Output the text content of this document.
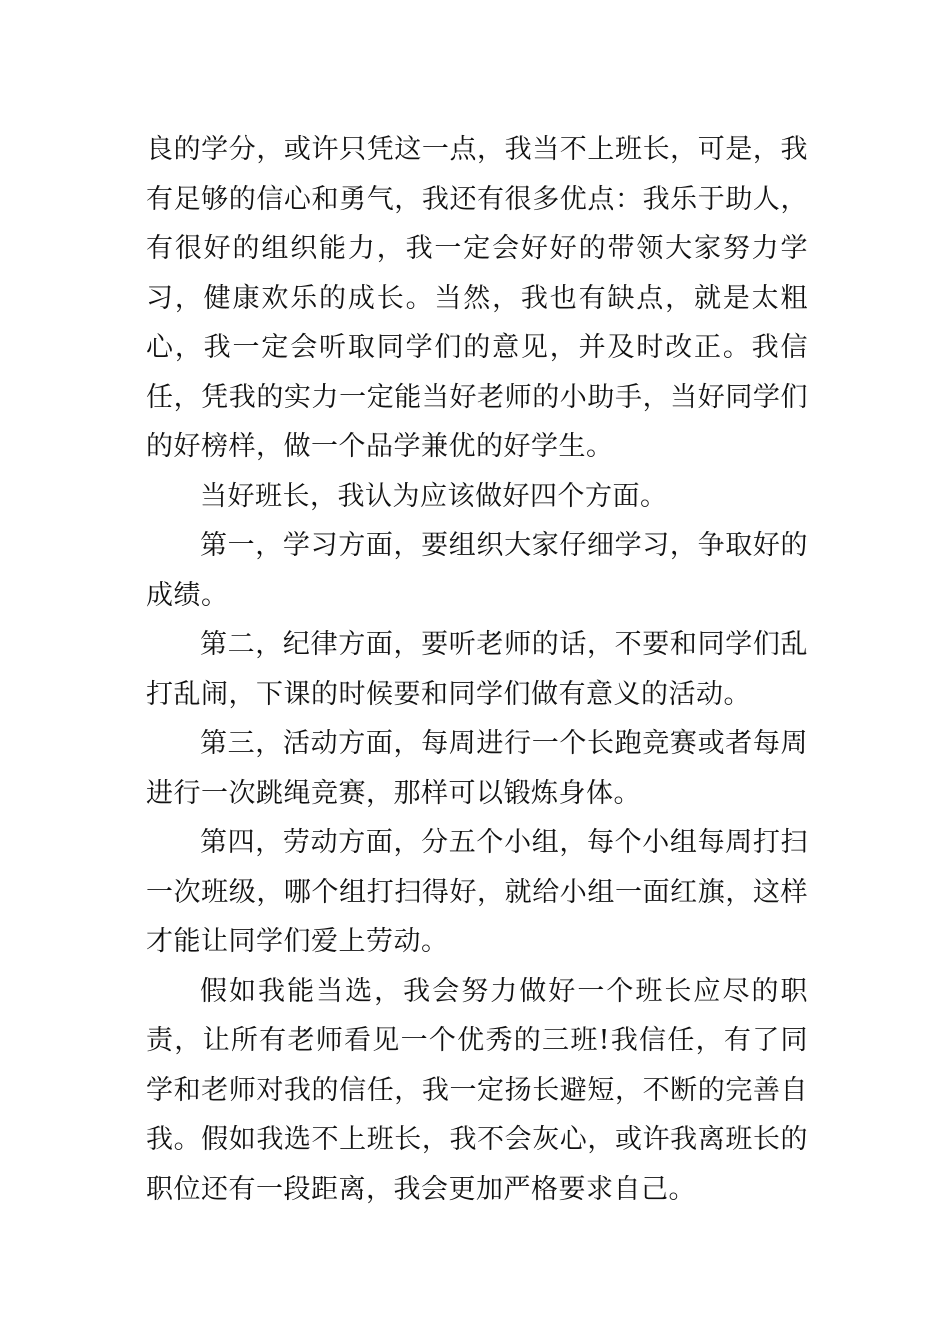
良的学分，或许只凭这一点，我当不上班长，可是，我有足够的信心和勇气，我还有很多优点：我乐于助人，有很好的组织能力，我一定会好好的带领大家努力学习，健康欢乐的成长。当然，我也有缺点，就是太粗心，我一定会听取同学们的意见，并及时改正。我信任，凭我的实力一定能当好老师的小助手，当好同学们的好榜样，做一个品学兼优的好学生。

当好班长，我认为应该做好四个方面。

第一，学习方面，要组织大家仔细学习，争取好的成绩。

第二，纪律方面，要听老师的话，不要和同学们乱打乱闹，下课的时候要和同学们做有意义的活动。

第三，活动方面，每周进行一个长跑竞赛或者每周进行一次跳绳竞赛，那样可以锻炼身体。

第四，劳动方面，分五个小组，每个小组每周打扫一次班级，哪个组打扫得好，就给小组一面红旗，这样才能让同学们爱上劳动。

假如我能当选，我会努力做好一个班长应尽的职责，让所有老师看见一个优秀的三班!我信任，有了同学和老师对我的信任，我一定扬长避短，不断的完善自我。假如我选不上班长，我不会灰心，或许我离班长的职位还有一段距离，我会更加严格要求自己。
